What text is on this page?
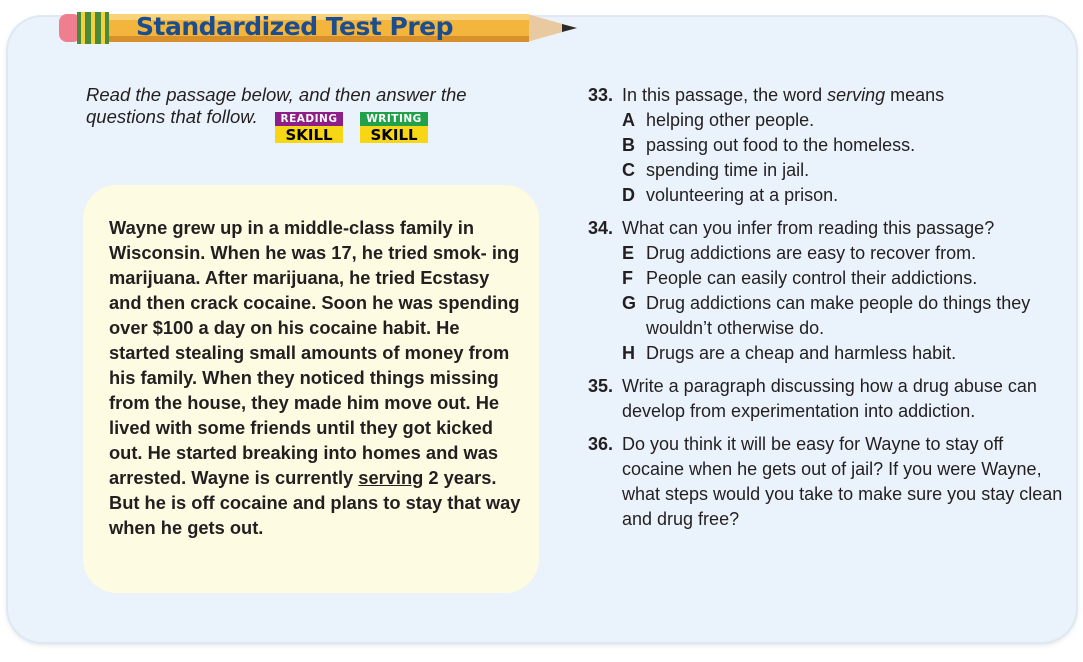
Standardized Test Prep
Read the passage below, and then answer the questions that follow.	READING
SKILL
WRITING
SKILL
Wayne grew up in a middle-class family in Wisconsin. When he was 17, he tried smok- ing marijuana. After marijuana, he tried Ecstasy and then crack cocaine. Soon he was spending over $100 a day on his cocaine habit. He started stealing small amounts of money from his family. When they noticed things missing from the house, they made him move out. He lived with some friends until they got kicked out. He started breaking into homes and was arrested. Wayne is currently serving 2 years. But he is off cocaine and plans to stay that way when he gets out.
33. In this passage, the word serving means
A helping other people.
B passing out food to the homeless.
C spending time in jail.
D volunteering at a prison.
34. What can you infer from reading this passage?
E Drug addictions are easy to recover from.
F People can easily control their addictions.
G Drug addictions can make people do things they wouldn’t otherwise do.
H Drugs are a cheap and harmless habit.
35. Write a paragraph discussing how a drug abuse can develop from experimentation into addiction.
36. Do you think it will be easy for Wayne to stay off cocaine when he gets out of jail? If you were Wayne, what steps would you take to make sure you stay clean and drug free?
